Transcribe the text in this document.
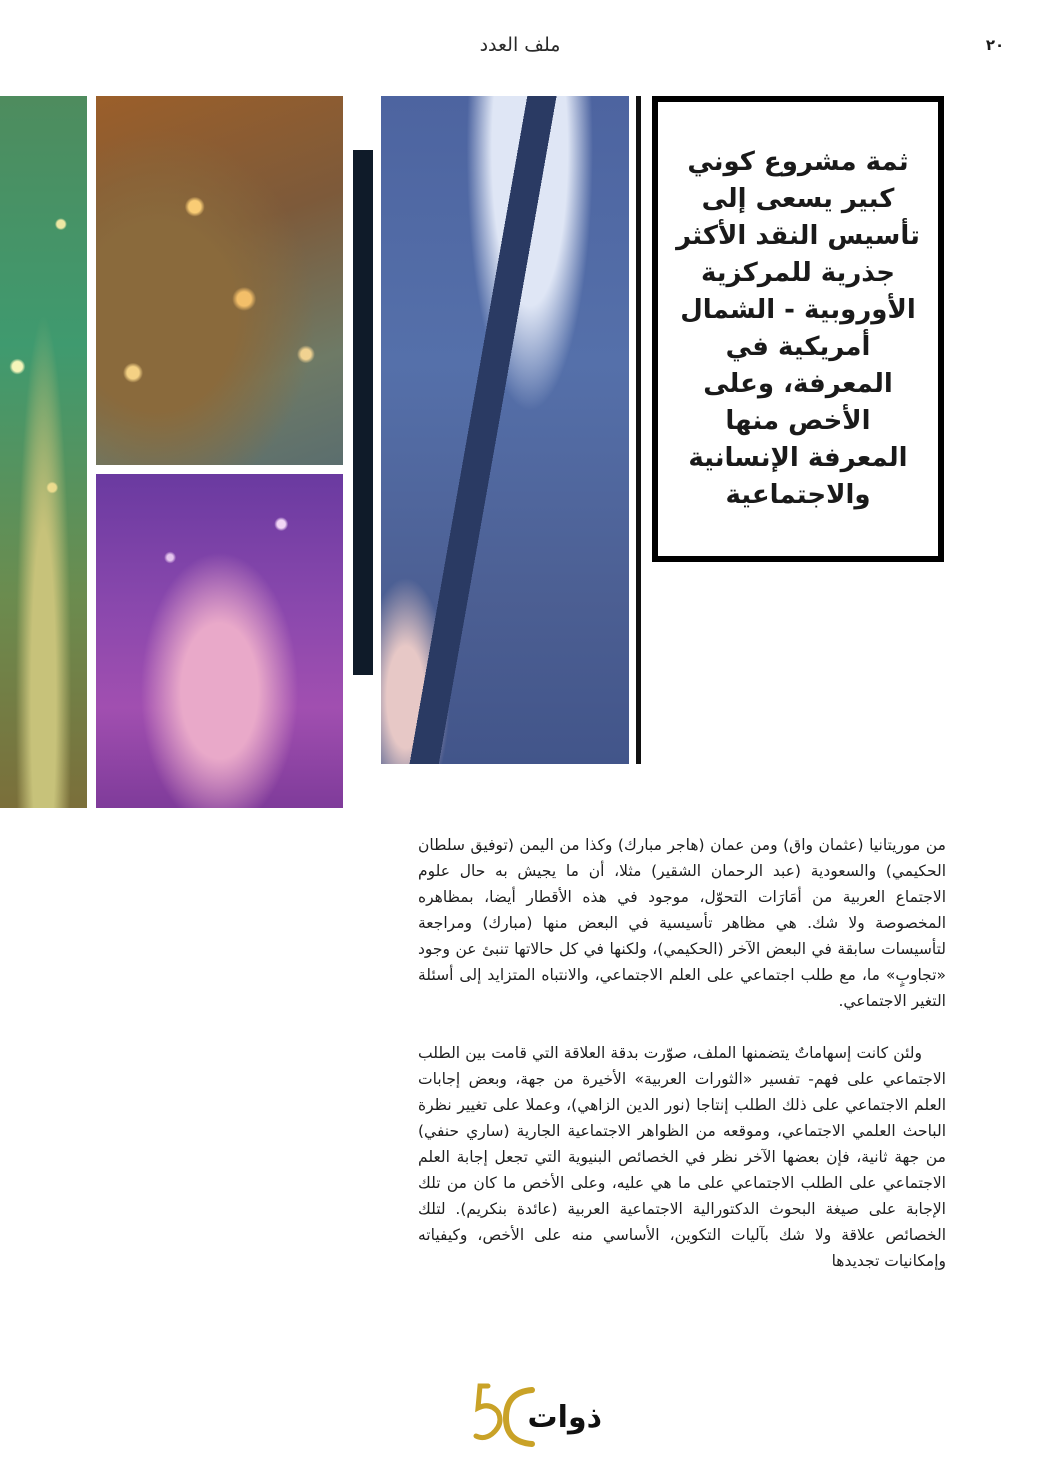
٢٠
ملف العدد
ثمة مشروع كوني كبير يسعى إلى تأسيس النقد الأكثر جذرية للمركزية الأوروبية - الشمال أمريكية في المعرفة، وعلى الأخص منها المعرفة الإنسانية والاجتماعية

من موريتانيا (عثمان واق) ومن عمان (هاجر مبارك) وكذا من اليمن (توفيق سلطان الحكيمي) والسعودية (عبد الرحمان الشقير) مثلا، أن ما يجيش به حال علوم الاجتماع العربية من أمَارَات التحوّل، موجود في هذه الأقطار أيضا، بمظاهره المخصوصة ولا شك. هي مظاهر تأسيسية في البعض منها (مبارك) ومراجعة لتأسيسات سابقة في البعض الآخر (الحكيمي)، ولكنها في كل حالاتها تنبئ عن وجود «تجاوبٍ» ما، مع طلب اجتماعي على العلم الاجتماعي، والانتباه المتزايد إلى أسئلة التغير الاجتماعي.

ولئن كانت إسهاماتٌ يتضمنها الملف، صوّرت بدقة العلاقة التي قامت بين الطلب الاجتماعي على فهم- تفسير «الثورات العربية» الأخيرة من جهة، وبعض إجابات العلم الاجتماعي على ذلك الطلب إنتاجا (نور الدين الزاهي)، وعملا على تغيير نظرة الباحث العلمي الاجتماعي، وموقعه من الظواهر الاجتماعية الجارية (ساري حنفي) من جهة ثانية، فإن بعضها الآخر نظر في الخصائص البنيوية التي تجعل إجابة العلم الاجتماعي على الطلب الاجتماعي على ما هي عليه، وعلى الأخص ما كان من تلك الإجابة على صيغة البحوث الدكتورالية الاجتماعية العربية (عائدة بنكريم). لتلك الخصائص علاقة ولا شك بآليات التكوين، الأساسي منه على الأخص، وكيفياته وإمكانيات تجديدها

ذوات
